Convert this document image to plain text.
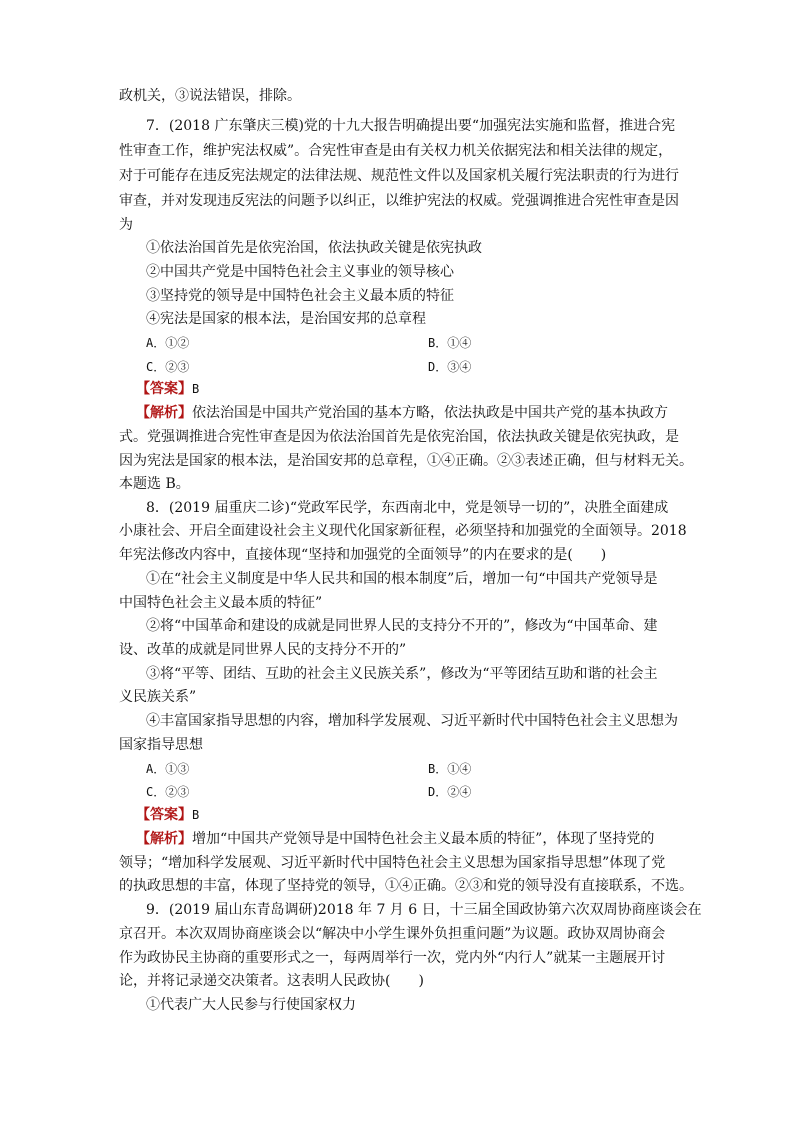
政机关，③说法错误，排除。
7．(2018 广东肇庆三模)党的十九大报告明确提出要“加强宪法实施和监督，推进合宪
性审查工作，维护宪法权威”。合宪性审查是由有关权力机关依据宪法和相关法律的规定，
对于可能存在违反宪法规定的法律法规、规范性文件以及国家机关履行宪法职责的行为进行
审查，并对发现违反宪法的问题予以纠正，以维护宪法的权威。党强调推进合宪性审查是因
为
①依法治国首先是依宪治国，依法执政关键是依宪执政
②中国共产党是中国特色社会主义事业的领导核心
③坚持党的领导是中国特色社会主义最本质的特征
④宪法是国家的根本法，是治国安邦的总章程
A．①②	B．①④
C．②③	D．③④
【答案】B
【解析】依法治国是中国共产党治国的基本方略，依法执政是中国共产党的基本执政方
式。党强调推进合宪性审查是因为依法治国首先是依宪治国，依法执政关键是依宪执政，是
因为宪法是国家的根本法，是治国安邦的总章程，①④正确。②③表述正确，但与材料无关。
本题选 B。
8．(2019 届重庆二诊)“党政军民学，东西南北中，党是领导一切的”，决胜全面建成
小康社会、开启全面建设社会主义现代化国家新征程，必须坚持和加强党的全面领导。2018
年宪法修改内容中，直接体现“坚持和加强党的全面领导”的内在要求的是(　　)
①在“社会主义制度是中华人民共和国的根本制度”后，增加一句“中国共产党领导是
中国特色社会主义最本质的特征”
②将“中国革命和建设的成就是同世界人民的支持分不开的”，修改为“中国革命、建
设、改革的成就是同世界人民的支持分不开的”
③将“平等、团结、互助的社会主义民族关系”，修改为“平等团结互助和谐的社会主
义民族关系”
④丰富国家指导思想的内容，增加科学发展观、习近平新时代中国特色社会主义思想为
国家指导思想
A．①③	B．①④
C．②③	D．②④
【答案】B
【解析】增加“中国共产党领导是中国特色社会主义最本质的特征”，体现了坚持党的
领导；“增加科学发展观、习近平新时代中国特色社会主义思想为国家指导思想”体现了党
的执政思想的丰富，体现了坚持党的领导，①④正确。②③和党的领导没有直接联系，不选。
9．(2019 届山东青岛调研)2018 年 7 月 6 日，十三届全国政协第六次双周协商座谈会在
京召开。本次双周协商座谈会以“解决中小学生课外负担重问题”为议题。政协双周协商会
作为政协民主协商的重要形式之一，每两周举行一次，党内外“内行人”就某一主题展开讨
论，并将记录递交决策者。这表明人民政协(　　)
①代表广大人民参与行使国家权力
